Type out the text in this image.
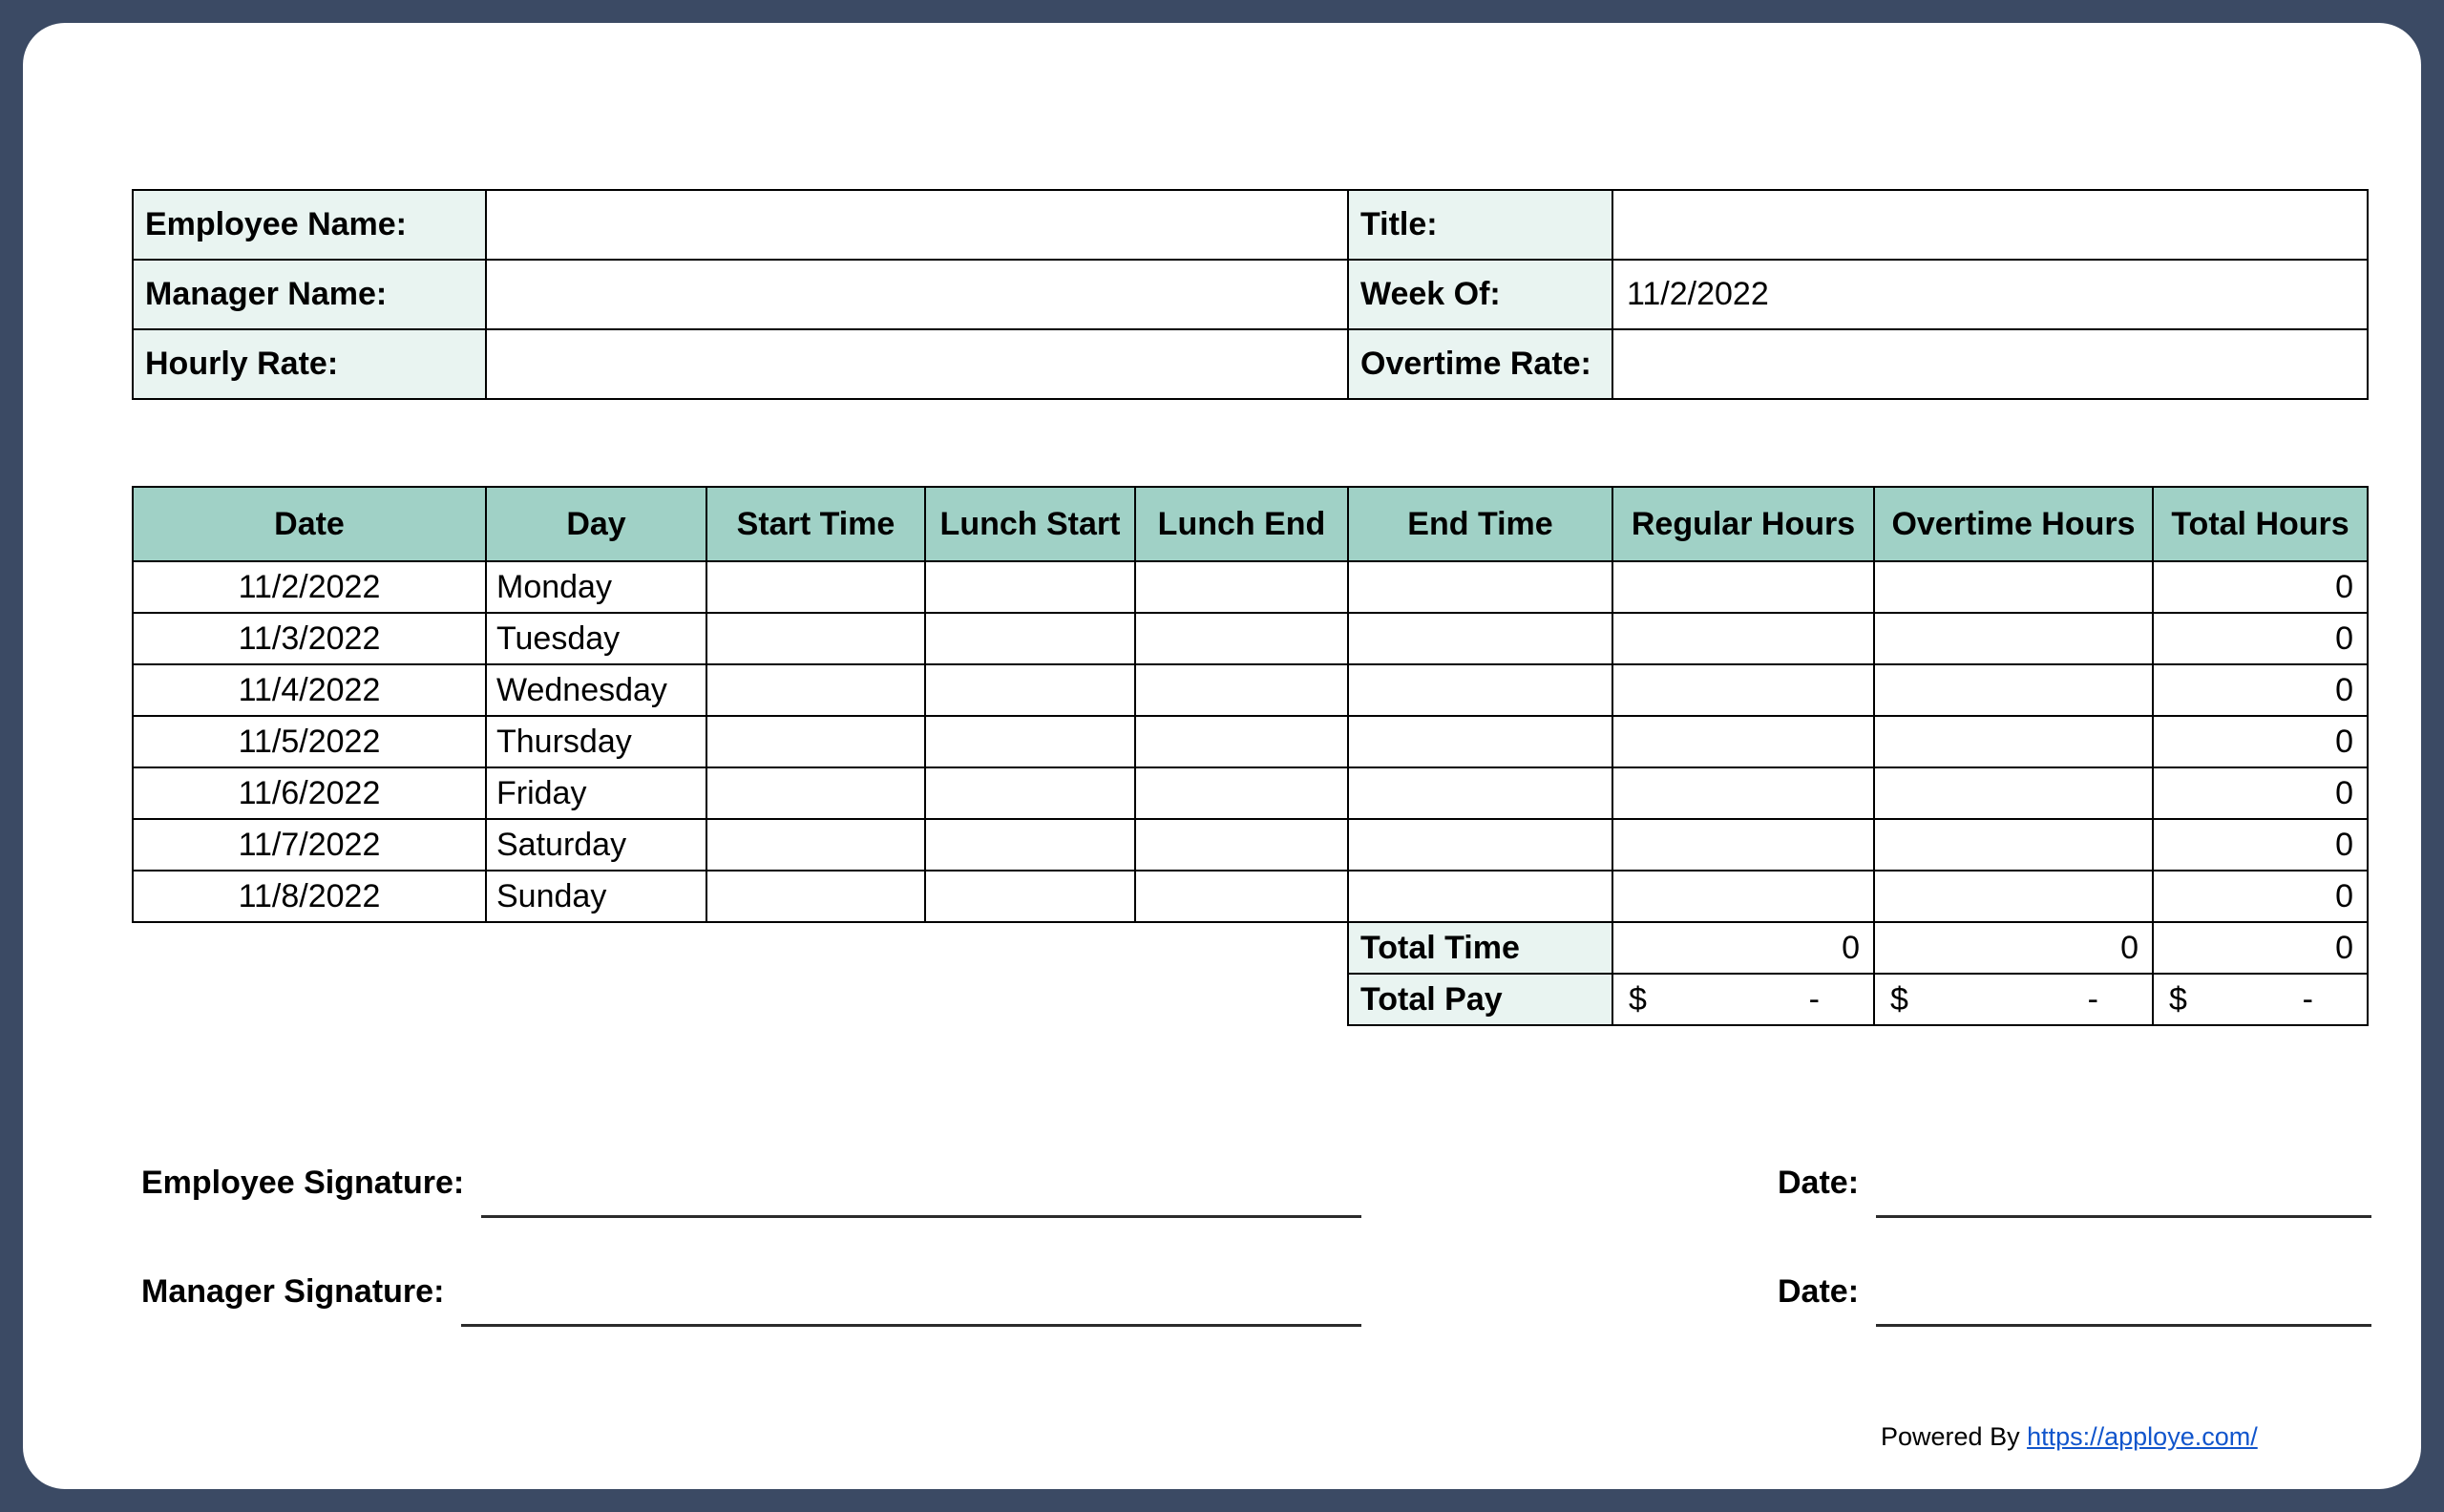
Employee Name:		Title:	
Manager Name:		Week Of:	11/2/2022
Hourly Rate:		Overtime Rate:	
Date	Day	Start Time	Lunch Start	Lunch End	End Time	Regular Hours	Overtime Hours	Total Hours
11/2/2022	Monday							0
11/3/2022	Tuesday							0
11/4/2022	Wednesday							0
11/5/2022	Thursday							0
11/6/2022	Friday							0
11/7/2022	Saturday							0
11/8/2022	Sunday							0
Total Time	0	0	0
Total Pay	$ -	$ -	$ -
Employee Signature:	Date:
Manager Signature:	Date:
Powered By https://apploye.com/
